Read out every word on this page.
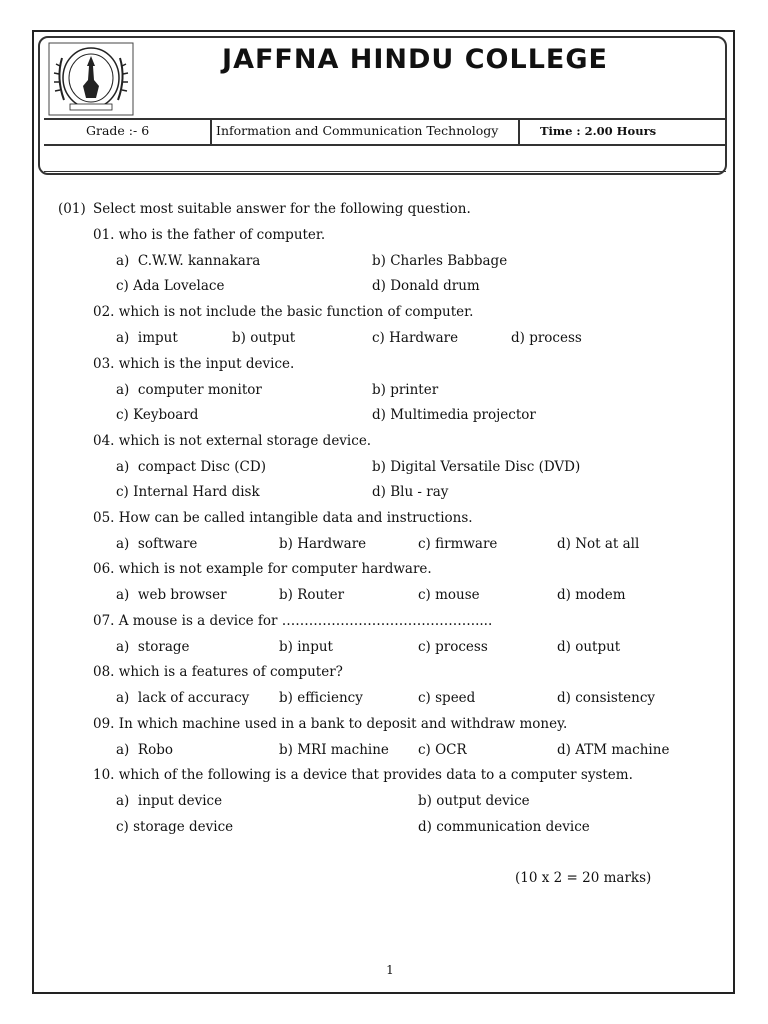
JAFFNA HINDU COLLEGE
Grade :- 6	Information and Communication Technology	Time : 2.00 Hours
(01) Select most suitable answer for the following question.
01. who is the father of computer.
a)  C.W.W. kannakara	b) Charles Babbage
c) Ada Lovelace	d) Donald drum
02. which is not include the basic function of computer.
a)  imput	b) output	c) Hardware	d) process
03. which is the input device.
a)  computer monitor	b) printer
c) Keyboard	d) Multimedia projector
04. which is not external storage device.
a)  compact Disc (CD)	b) Digital Versatile Disc (DVD)
c) Internal Hard disk	d) Blu - ray
05. How can be called intangible data and instructions.
a)  software	b) Hardware	c) firmware	d) Not at all
06. which is not example for computer hardware.
a)  web browser	b) Router	c) mouse	d) modem
07. A mouse is a device for …………………………………….....
a)  storage	b) input	c) process	d) output
08. which is a features of computer?
a)  lack of accuracy b) efficiency	c) speed	d) consistency
09. In which machine used in a bank to deposit and withdraw money.
a)  Robo	b) MRI machine c) OCR	d) ATM machine
10. which of the following is a device that provides data to a computer system.
a)  input device	b) output device
c) storage device	d) communication device
(10 x 2 = 20 marks)
1
